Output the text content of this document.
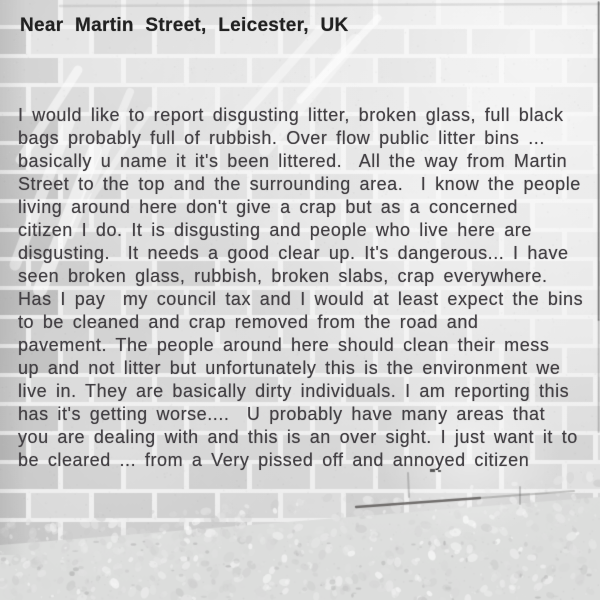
Near Martin Street, Leicester, UK
I would like to report disgusting litter, broken glass, full black
bags probably full of rubbish. Over flow public litter bins ...
basically u name it it's been littered.  All the way from Martin
Street to the top and the surrounding area.  I know the people
living around here don't give a crap but as a concerned
citizen I do. It is disgusting and people who live here are
disgusting.  It needs a good clear up. It's dangerous... I have
seen broken glass, rubbish, broken slabs, crap everywhere.
Has I pay  my council tax and I would at least expect the bins
to be cleaned and crap removed from the road and
pavement. The people around here should clean their mess
up and not litter but unfortunately this is the environment we
live in. They are basically dirty individuals. I am reporting this
has it's getting worse....  U probably have many areas that
you are dealing with and this is an over sight. I just want it to
be cleared ... from a Very pissed off and annoyed citizen
